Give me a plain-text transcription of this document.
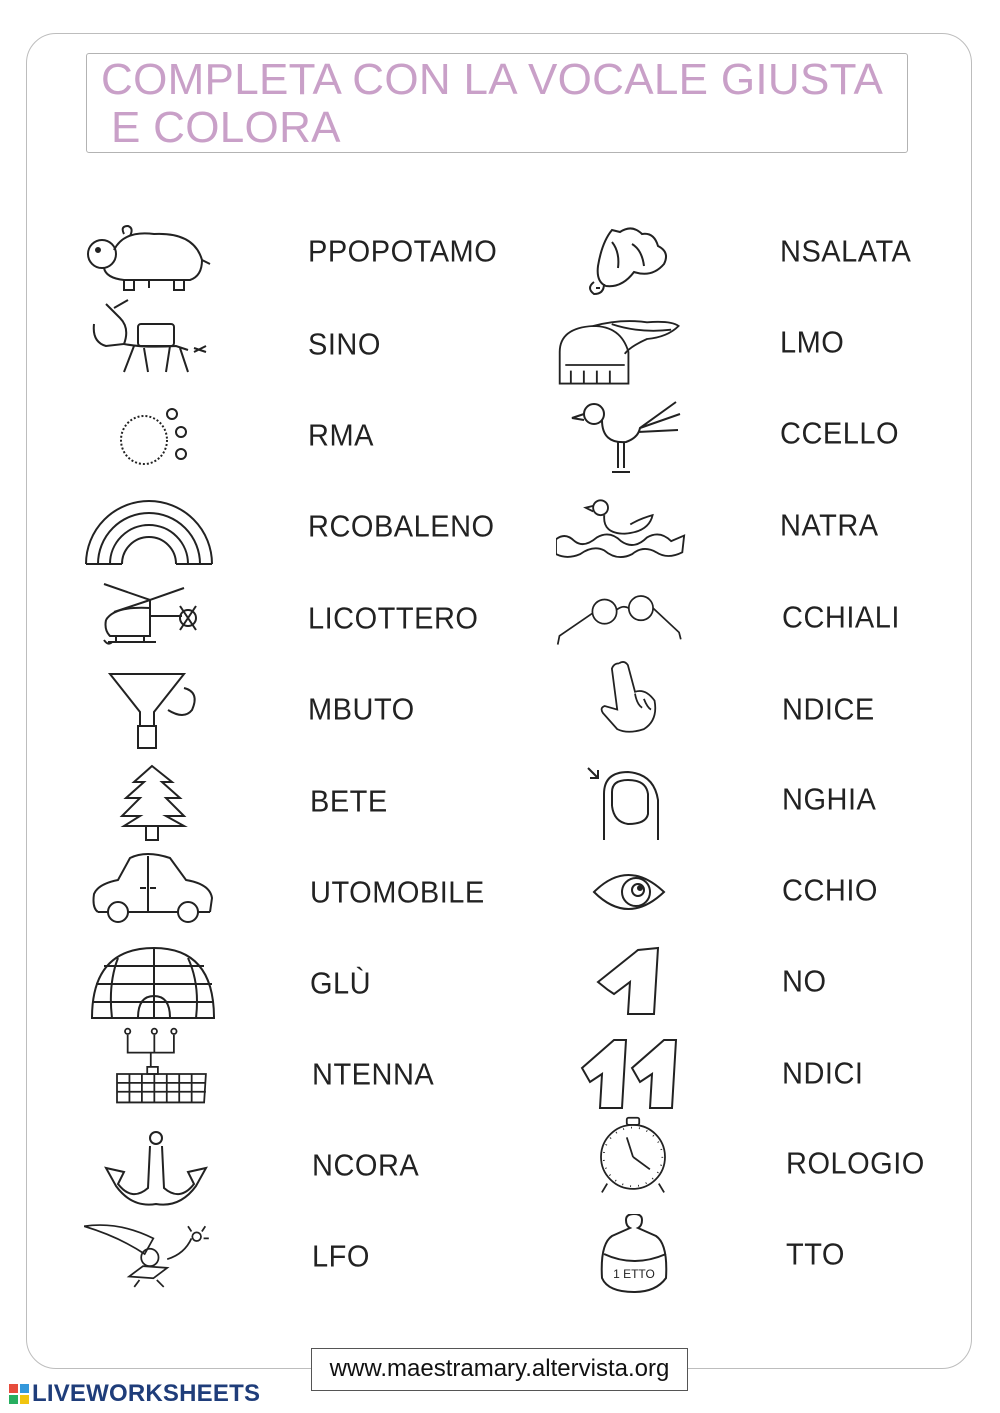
COMPLETA CON LA VOCALE GIUSTA
E COLORA
PPOPOTAMO
SINO
RMA
RCOBALENO
LICOTTERO
MBUTO
BETE
UTOMOBILE
GLÙ
NTENNA
NCORA
LFO
NSALATA
LMO
CCELLO
NATRA
CCHIALI
NDICE
NGHIA
CCHIO
NO
NDICI
ROLOGIO
1 ETTO
TTO
www.maestramary.altervista.org
LIVEWORKSHEETS
